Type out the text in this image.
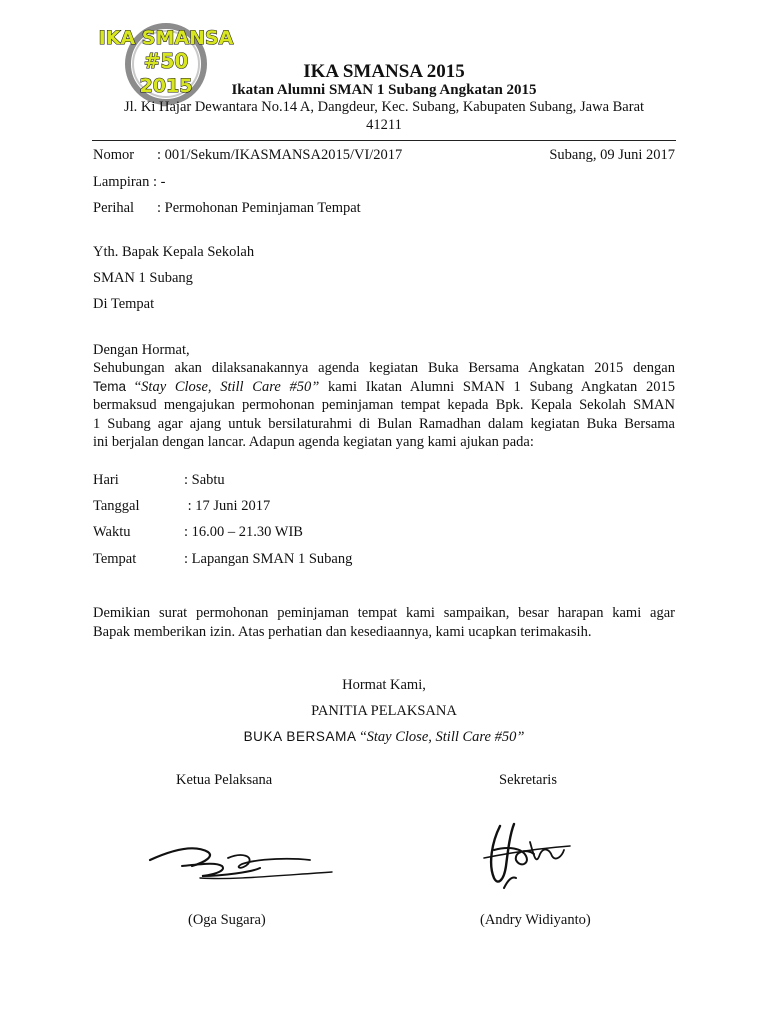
IKA SMANSA
#50
2015
IKA SMANSA 2015
Ikatan Alumni SMAN 1 Subang Angkatan 2015
Jl. Ki Hajar Dewantara No.14 A, Dangdeur, Kec. Subang, Kabupaten Subang, Jawa Barat
41211
Nomor : 001/Sekum/IKASMANSA2015/VI/2017	Subang, 09 Juni 2017
Lampiran : -
Perihal : Permohonan Peminjaman Tempat
Yth. Bapak Kepala Sekolah
SMAN 1 Subang
Di Tempat
Dengan Hormat,
Sehubungan akan dilaksanakannya agenda kegiatan Buka Bersama Angkatan 2015 dengan
Tema “Stay Close, Still Care #50” kami Ikatan Alumni SMAN 1 Subang Angkatan 2015
bermaksud mengajukan permohonan peminjaman tempat kepada Bpk. Kepala Sekolah SMAN
1 Subang agar ajang untuk bersilaturahmi di Bulan Ramadhan dalam kegiatan Buka Bersama
ini berjalan dengan lancar. Adapun agenda kegiatan yang kami ajukan pada:
Hari	: Sabtu
Tanggal	: 17 Juni 2017
Waktu	: 16.00 – 21.30 WIB
Tempat	: Lapangan SMAN 1 Subang
Demikian surat permohonan peminjaman tempat kami sampaikan, besar harapan kami agar
Bapak memberikan izin. Atas perhatian dan kesediaannya, kami ucapkan terimakasih.
Hormat Kami,
PANITIA PELAKSANA
BUKA BERSAMA “Stay Close, Still Care #50”
Ketua Pelaksana	Sekretaris
(Oga Sugara)	(Andry Widiyanto)
